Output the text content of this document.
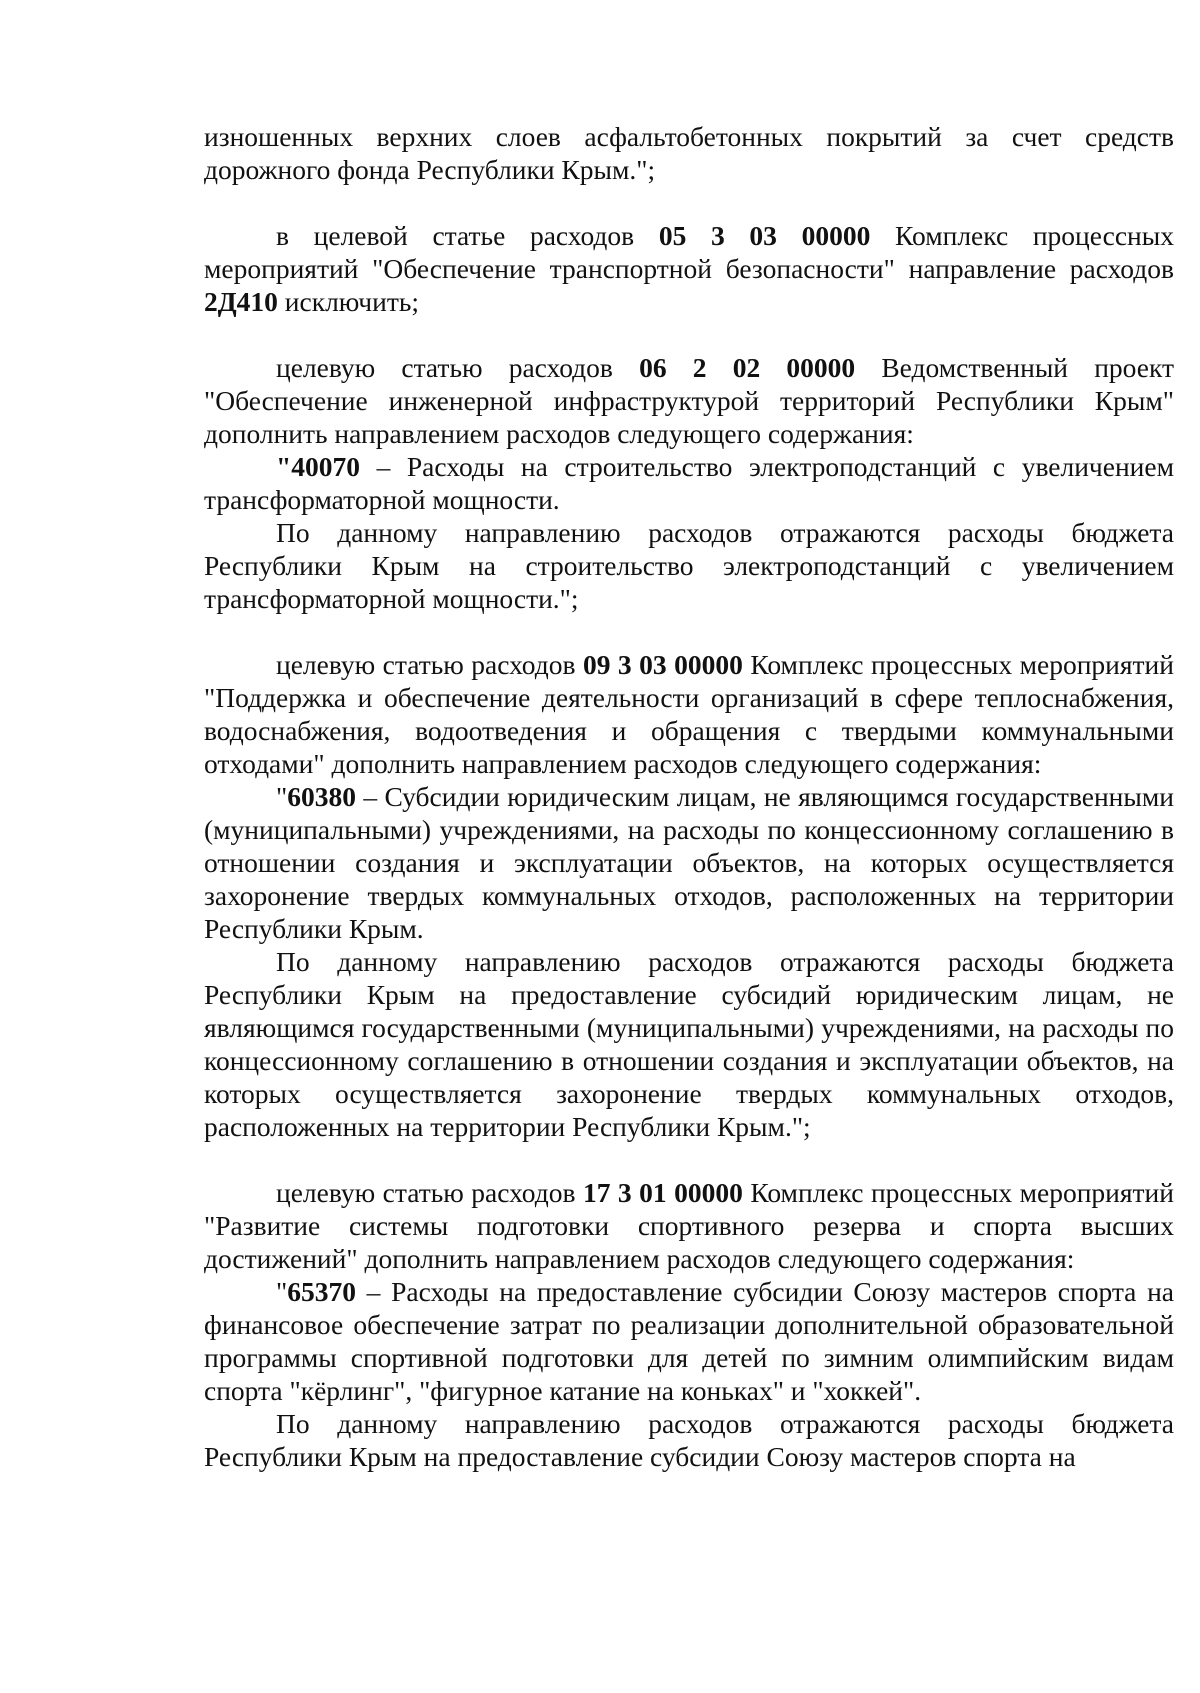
изношенных верхних слоев асфальтобетонных покрытий за счет средств дорожного фонда Республики Крым.";

в целевой статье расходов 05 3 03 00000 Комплекс процессных мероприятий "Обеспечение транспортной безопасности" направление расходов 2Д410 исключить;

целевую статью расходов 06 2 02 00000 Ведомственный проект "Обеспечение инженерной инфраструктурой территорий Республики Крым" дополнить направлением расходов следующего содержания:

"40070 – Расходы на строительство электроподстанций с увеличением трансформаторной мощности.

По данному направлению расходов отражаются расходы бюджета Республики Крым на строительство электроподстанций с увеличением трансформаторной мощности.";

целевую статью расходов 09 3 03 00000 Комплекс процессных мероприятий "Поддержка и обеспечение деятельности организаций в сфере теплоснабжения, водоснабжения, водоотведения и обращения с твердыми коммунальными отходами" дополнить направлением расходов следующего содержания:

"60380 – Субсидии юридическим лицам, не являющимся государственными (муниципальными) учреждениями, на расходы по концессионному соглашению в отношении создания и эксплуатации объектов, на которых осуществляется захоронение твердых коммунальных отходов, расположенных на территории Республики Крым.

По данному направлению расходов отражаются расходы бюджета Республики Крым на предоставление субсидий юридическим лицам, не являющимся государственными (муниципальными) учреждениями, на расходы по концессионному соглашению в отношении создания и эксплуатации объектов, на которых осуществляется захоронение твердых коммунальных отходов, расположенных на территории Республики Крым.";

целевую статью расходов 17 3 01 00000 Комплекс процессных мероприятий "Развитие системы подготовки спортивного резерва и спорта высших достижений" дополнить направлением расходов следующего содержания:

"65370 – Расходы на предоставление субсидии Союзу мастеров спорта на финансовое обеспечение затрат по реализации дополнительной образовательной программы спортивной подготовки для детей по зимним олимпийским видам спорта "кёрлинг", "фигурное катание на коньках" и "хоккей".

По данному направлению расходов отражаются расходы бюджета Республики Крым на предоставление субсидии Союзу мастеров спорта на
